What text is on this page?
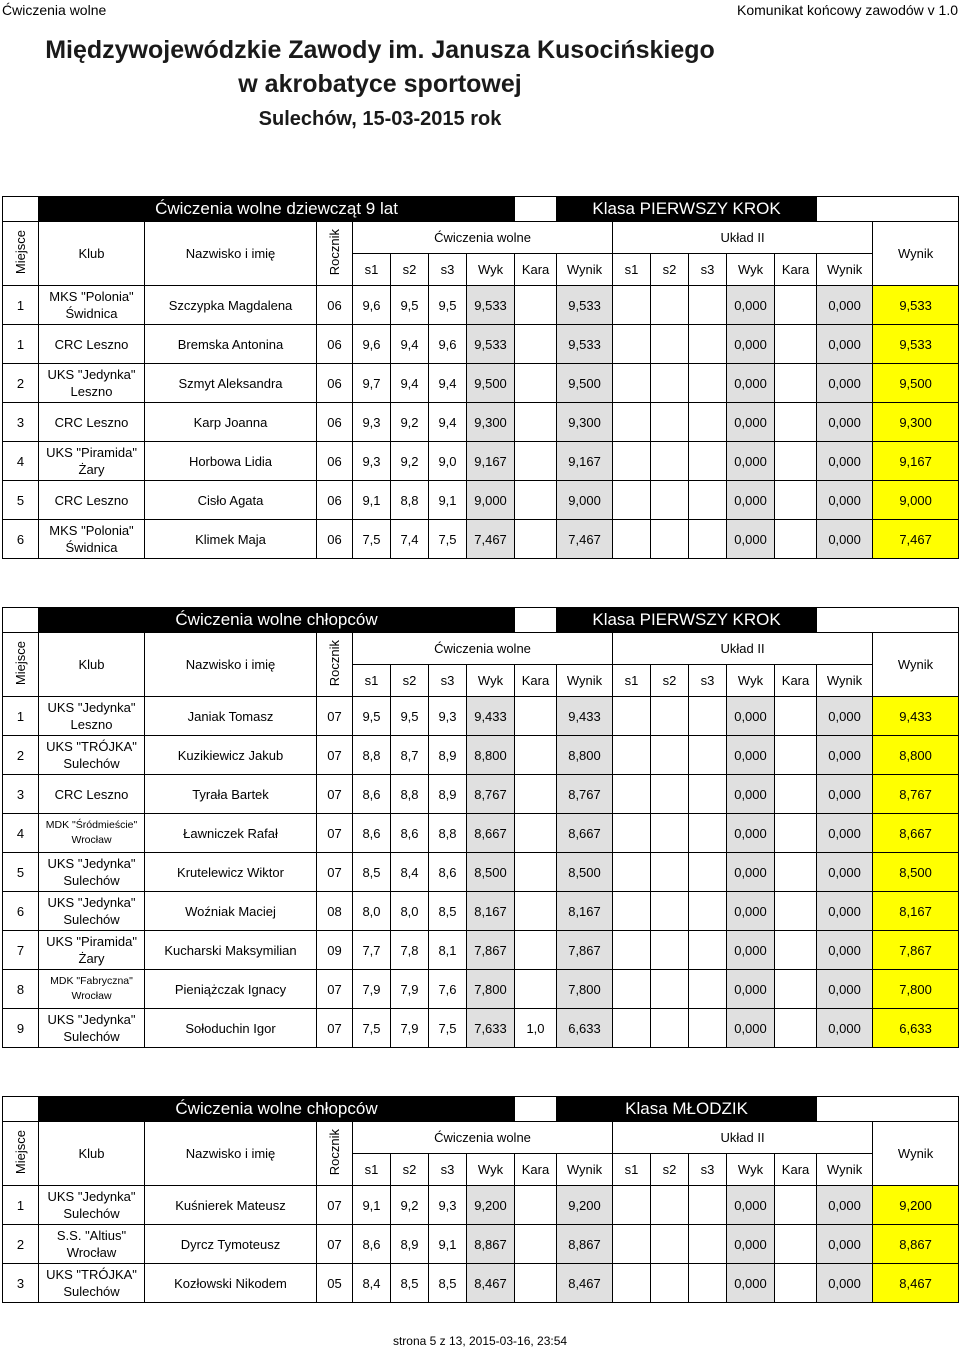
Ćwiczenia wolne	Komunikat końcowy zawodów v 1.0
Międzywojewódzkie Zawody im. Janusza Kusocińskiego
w akrobatyce sportowej
Sulechów, 15-03-2015 rok
	Ćwiczenia wolne dziewcząt 9 lat								Klasa PIERWSZY KROK							
Miejsce	Klub	Nazwisko i imię	Rocznik	Ćwiczenia wolne						Układ II						Wynik
				s1	s2	s3	Wyk	Kara	Wynik	s1	s2	s3	Wyk	Kara	Wynik	
1	MKS "Polonia"
Świdnica	Szczypka Magdalena	06	9,6	9,5	9,5	9,533		9,533				0,000		0,000	9,533
1	CRC Leszno	Bremska Antonina	06	9,6	9,4	9,6	9,533		9,533				0,000		0,000	9,533
2	UKS "Jedynka"
Leszno	Szmyt Aleksandra	06	9,7	9,4	9,4	9,500		9,500				0,000		0,000	9,500
3	CRC Leszno	Karp Joanna	06	9,3	9,2	9,4	9,300		9,300				0,000		0,000	9,300
4	UKS "Piramida"
Żary	Horbowa Lidia	06	9,3	9,2	9,0	9,167		9,167				0,000		0,000	9,167
5	CRC Leszno	Cisło Agata	06	9,1	8,8	9,1	9,000		9,000				0,000		0,000	9,000
6	MKS "Polonia"
Świdnica	Klimek Maja	06	7,5	7,4	7,5	7,467		7,467				0,000		0,000	7,467
	Ćwiczenia wolne chłopców								Klasa PIERWSZY KROK							
Miejsce	Klub	Nazwisko i imię	Rocznik	Ćwiczenia wolne						Układ II						Wynik
				s1	s2	s3	Wyk	Kara	Wynik	s1	s2	s3	Wyk	Kara	Wynik	
1	UKS "Jedynka"
Leszno	Janiak Tomasz	07	9,5	9,5	9,3	9,433		9,433				0,000		0,000	9,433
2	UKS "TRÓJKA"
Sulechów	Kuzikiewicz Jakub	07	8,8	8,7	8,9	8,800		8,800				0,000		0,000	8,800
3	CRC Leszno	Tyrała Bartek	07	8,6	8,8	8,9	8,767		8,767				0,000		0,000	8,767
4	MDK "Śródmieście"
Wrocław	Ławniczek Rafał	07	8,6	8,6	8,8	8,667		8,667				0,000		0,000	8,667
5	UKS "Jedynka"
Sulechów	Krutelewicz Wiktor	07	8,5	8,4	8,6	8,500		8,500				0,000		0,000	8,500
6	UKS "Jedynka"
Sulechów	Woźniak Maciej	08	8,0	8,0	8,5	8,167		8,167				0,000		0,000	8,167
7	UKS "Piramida"
Żary	Kucharski Maksymilian	09	7,7	7,8	8,1	7,867		7,867				0,000		0,000	7,867
8	MDK "Fabryczna"
Wrocław	Pieniążczak Ignacy	07	7,9	7,9	7,6	7,800		7,800				0,000		0,000	7,800
9	UKS "Jedynka"
Sulechów	Sołoduchin Igor	07	7,5	7,9	7,5	7,633	1,0	6,633				0,000		0,000	6,633
	Ćwiczenia wolne chłopców								Klasa MŁODZIK							
Miejsce	Klub	Nazwisko i imię	Rocznik	Ćwiczenia wolne						Układ II						Wynik
				s1	s2	s3	Wyk	Kara	Wynik	s1	s2	s3	Wyk	Kara	Wynik	
1	UKS "Jedynka"
Sulechów	Kuśnierek Mateusz	07	9,1	9,2	9,3	9,200		9,200				0,000		0,000	9,200
2	S.S. "Altius"
Wrocław	Dyrcz Tymoteusz	07	8,6	8,9	9,1	8,867		8,867				0,000		0,000	8,867
3	UKS "TRÓJKA"
Sulechów	Kozłowski Nikodem	05	8,4	8,5	8,5	8,467		8,467				0,000		0,000	8,467
strona 5 z 13, 2015-03-16, 23:54
